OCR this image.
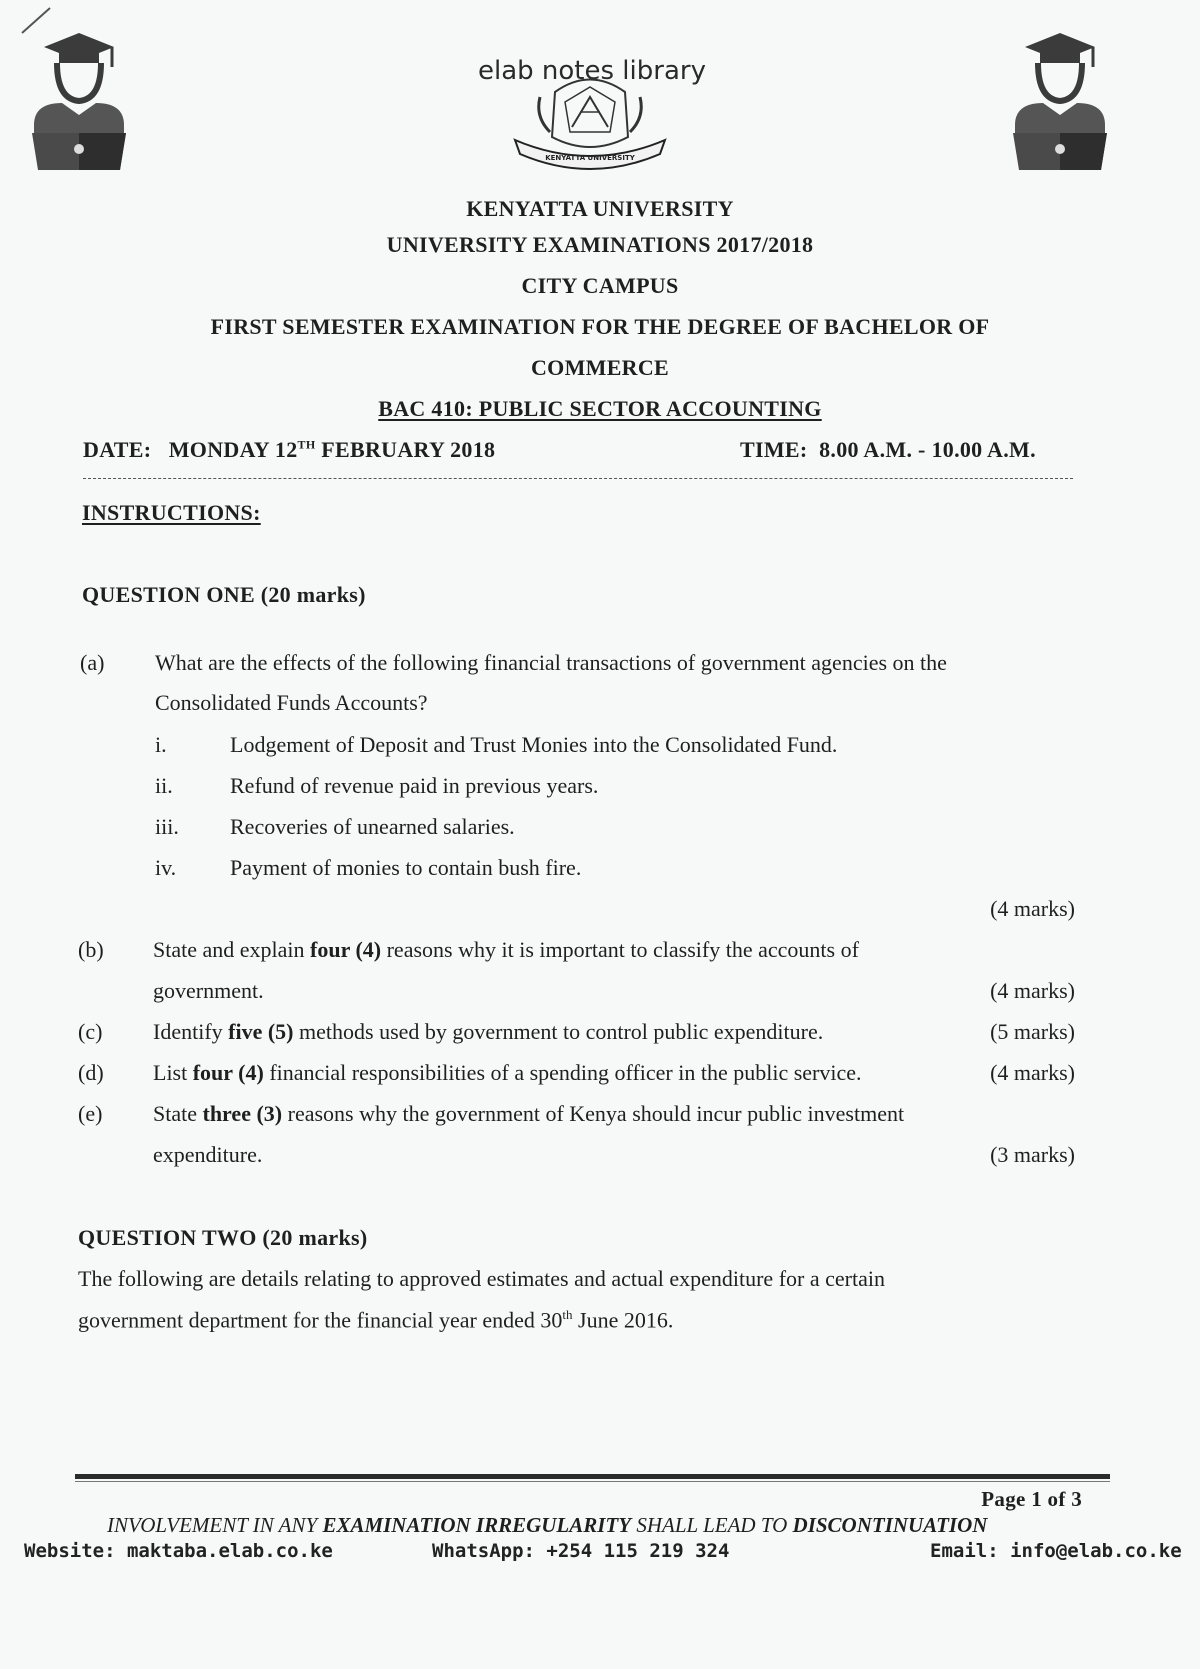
elab notes library
KENYATTA UNIVERSITY
KENYATTA UNIVERSITY
UNIVERSITY EXAMINATIONS 2017/2018
CITY CAMPUS
FIRST SEMESTER EXAMINATION FOR THE DEGREE OF BACHELOR OF
COMMERCE
BAC 410: PUBLIC SECTOR ACCOUNTING
DATE: MONDAY 12TH FEBRUARY 2018	TIME: 8.00 A.M. - 10.00 A.M.
INSTRUCTIONS:
QUESTION ONE (20 marks)
(a) What are the effects of the following financial transactions of government agencies on the
Consolidated Funds Accounts?
i.	Lodgement of Deposit and Trust Monies into the Consolidated Fund.
ii.	Refund of revenue paid in previous years.
iii. Recoveries of unearned salaries.
iv. Payment of monies to contain bush fire.
(4 marks)
(b) State and explain four (4) reasons why it is important to classify the accounts of
government.	(4 marks)
(c) Identify five (5) methods used by government to control public expenditure.	(5 marks)
(d) List four (4) financial responsibilities of a spending officer in the public service.	(4 marks)
(e) State three (3) reasons why the government of Kenya should incur public investment
expenditure.	(3 marks)
QUESTION TWO (20 marks)
The following are details relating to approved estimates and actual expenditure for a certain
government department for the financial year ended 30th June 2016.
Page 1 of 3
INVOLVEMENT IN ANY EXAMINATION IRREGULARITY SHALL LEAD TO DISCONTINUATION
Website: maktaba.elab.co.ke	WhatsApp: +254 115 219 324	Email: info@elab.co.ke
